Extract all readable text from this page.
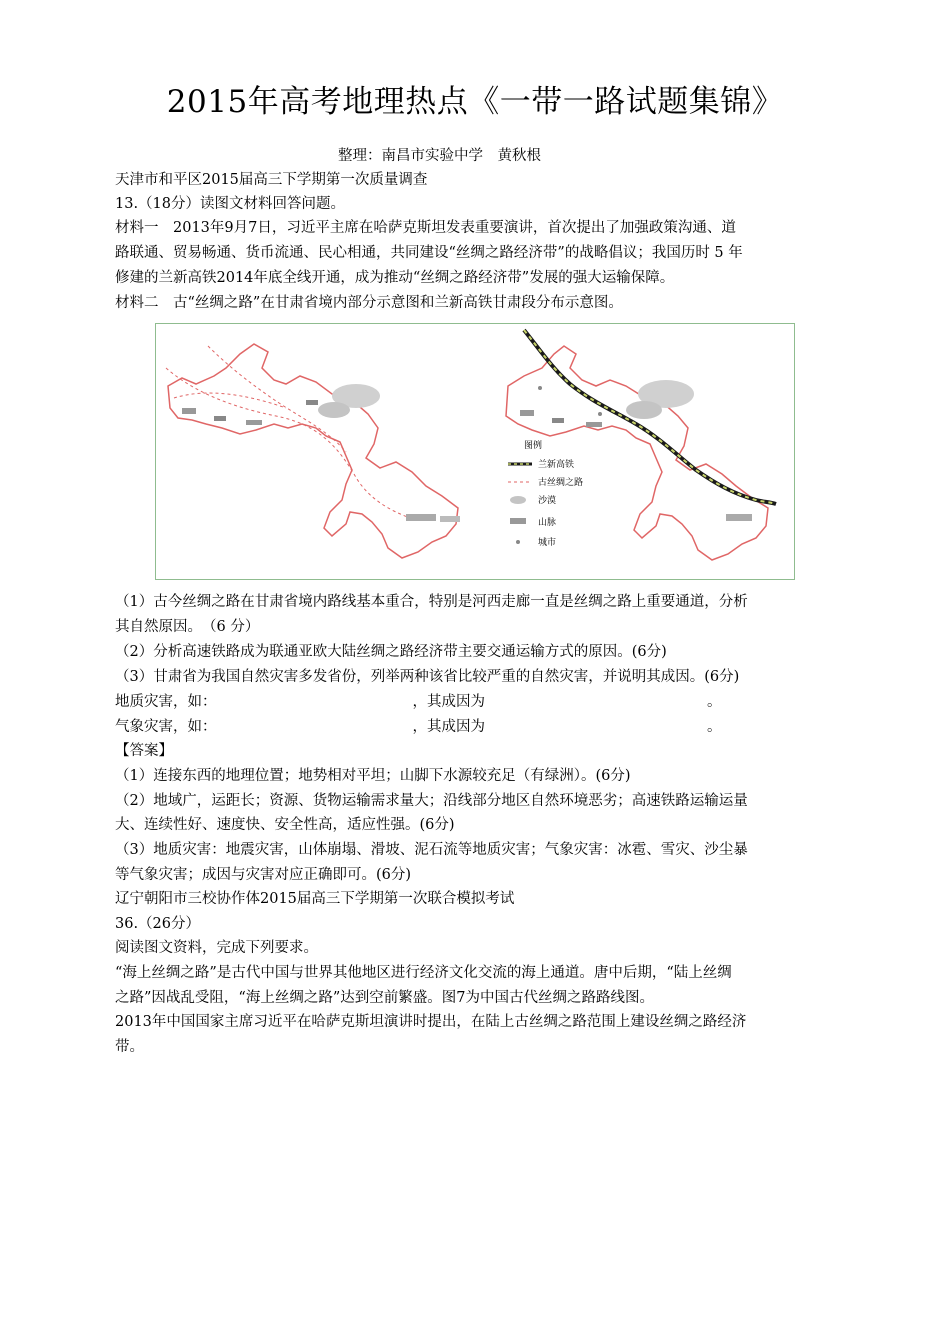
2015年高考地理热点《一带一路试题集锦》
整理：南昌市实验中学　黄秋根
天津市和平区2015届高三下学期第一次质量调查
13.（18分）读图文材料回答问题。
材料一　2013年9月7日，习近平主席在哈萨克斯坦发表重要演讲，首次提出了加强政策沟通、道
路联通、贸易畅通、货币流通、民心相通，共同建设“丝绸之路经济带”的战略倡议；我国历时 5 年
修建的兰新高铁2014年底全线开通，成为推动“丝绸之路经济带”发展的强大运输保障。
材料二　古“丝绸之路”在甘肃省境内部分示意图和兰新高铁甘肃段分布示意图。
图例
兰新高铁
古丝绸之路
沙漠
山脉
城市
（1）古今丝绸之路在甘肃省境内路线基本重合，特别是河西走廊一直是丝绸之路上重要通道，分析
其自然原因。　（6 分）
（2）分析高速铁路成为联通亚欧大陆丝绸之路经济带主要交通运输方式的原因。(6分)
（3）甘肃省为我国自然灾害多发省份，列举两种该省比较严重的自然灾害，并说明其成因。(6分)
地质灾害，如：	，其成因为	。
气象灾害，如：	，其成因为	。
【答案】
（1）连接东西的地理位置；地势相对平坦；山脚下水源较充足（有绿洲）。(6分)
（2）地域广，运距长；资源、货物运输需求量大；沿线部分地区自然环境恶劣；高速铁路运输运量
大、连续性好、速度快、安全性高，适应性强。(6分)
（3）地质灾害：地震灾害，山体崩塌、滑坡、泥石流等地质灾害；气象灾害：冰雹、雪灾、沙尘暴
等气象灾害；成因与灾害对应正确即可。(6分)
辽宁朝阳市三校协作体2015届高三下学期第一次联合模拟考试
36.（26分）
阅读图文资料，完成下列要求。
“海上丝绸之路”是古代中国与世界其他地区进行经济文化交流的海上通道。唐中后期，“陆上丝绸
之路”因战乱受阻，“海上丝绸之路”达到空前繁盛。图7为中国古代丝绸之路路线图。
2013年中国国家主席习近平在哈萨克斯坦演讲时提出，在陆上古丝绸之路范围上建设丝绸之路经济
带。
